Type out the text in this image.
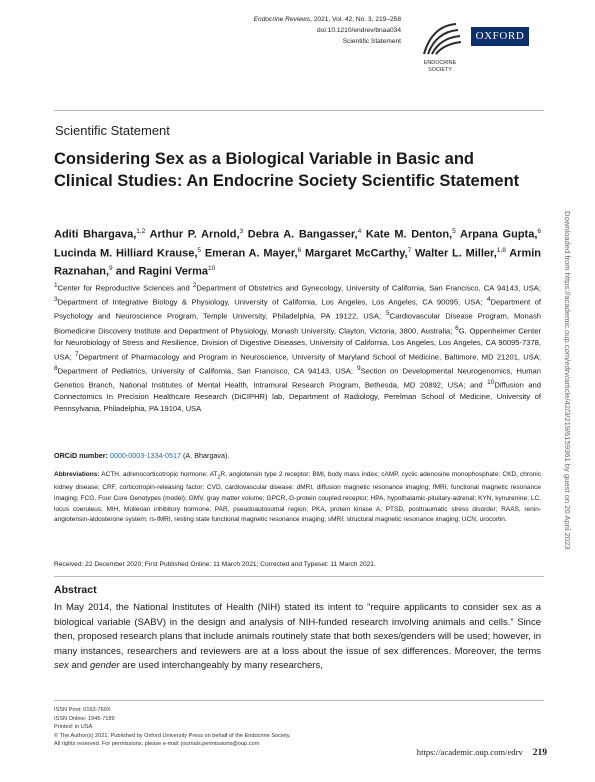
Endocrine Reviews, 2021, Vol. 42, No. 3, 219–258
doi:10.1210/endrev/bnaa034
Scientific Statement
ENDOCRINE
SOCIETY
OXFORD
Scientific Statement
Considering Sex as a Biological Variable in Basic and Clinical Studies: An Endocrine Society Scientific Statement
Aditi Bhargava,$^{1,2}$ Arthur P. Arnold,$^3$ Debra A. Bangasser,$^4$ Kate M. Denton,$^5$ Arpana Gupta,$^6$ Lucinda M. Hilliard Krause,$^5$ Emeran A. Mayer,$^6$ Margaret McCarthy,$^7$ Walter L. Miller,$^{1,8}$ Armin Raznahan,$^9$ and Ragini Verma$^{10}$
$^1$Center for Reproductive Sciences and $^2$Department of Obstetrics and Gynecology, University of California, San Francisco, CA 94143, USA; $^3$Department of Integrative Biology & Physiology, University of California, Los Angeles, Los Angeles, CA 90095, USA; $^4$Department of Psychology and Neuroscience Program, Temple University, Philadelphia, PA 19122, USA; $^5$Cardiovascular Disease Program, Monash Biomedicine Discovery Institute and Department of Physiology, Monash University, Clayton, Victoria, 3800, Australia; $^6$G. Oppenheimer Center for Neurobiology of Stress and Resilience, Division of Digestive Diseases, University of California, Los Angeles, Los Angeles, CA 90095-7378, USA; $^7$Department of Pharmacology and Program in Neuroscience, University of Maryland School of Medicine, Baltimore, MD 21201, USA; $^8$Department of Pediatrics, University of California, San Francisco, CA 94143, USA; $^9$Section on Developmental Neurogenomics, Human Genetics Branch, National Institutes of Mental Health, Intramural Research Program, Bethesda, MD 20892, USA; and $^{10}$Diffusion and Connectomics In Precision Healthcare Research (DiCIPHR) lab, Department of Radiology, Perelman School of Medicine, University of Pennsylvania, Philadelphia, PA 19104, USA
ORCiD number: 0000-0003-1334-0517 (A. Bhargava).
Abbreviations: ACTH, adrenocorticotropic hormone; $AT_2R$, angiotensin type 2 receptor; BMI, body mass index; cAMP, cyclic adenosine monophosphate; CKD, chronic kidney disease; CRF, corticotropin-releasing factor; CVD, cardiovascular disease; dMRI, diffusion magnetic resonance imaging; fMRI, functional magnetic resonance imaging; FCG, Four Core Genotypes (model); GMV, gray matter volume; GPCR, G-protein coupled receptor; HPA, hypothalamic-pituitary-adrenal; KYN, kynurenine; LC, locus coeruleus; MIH, Müllerian inhibitory hormone; PAR, pseudoautosomal region; PKA, protein kinase A; PTSD, posttraumatic stress disorder; RAAS, renin-angiotensin-aldosterone system; rs-fMRI, resting state functional magnetic resonance imaging; sMRI, structural magnetic resonance imaging; UCN, urocortin.
Received: 22 December 2020; First Published Online: 11 March 2021; Corrected and Typeset: 11 March 2021.
Abstract
In May 2014, the National Institutes of Health (NIH) stated its intent to “require applicants to consider sex as a biological variable (SABV) in the design and analysis of NIH-funded research involving animals and cells.” Since then, proposed research plans that include animals routinely state that both sexes/genders will be used; however, in many instances, researchers and reviewers are at a loss about the issue of sex differences. Moreover, the terms sex and gender are used interchangeably by many researchers,
ISSN Print: 0163-769X
ISSN Online: 1945-7189
Printed: in USA
© The Author(s) 2021. Published by Oxford University Press on behalf of the Endocrine Society.
All rights reserved. For permissions, please e-mail: journals.permissions@oup.com
https://academic.oup.com/edrv 219
Downloaded from https://academic.oup.com/edrv/article/42/3/219/6159361 by guest on 20 April 2023
